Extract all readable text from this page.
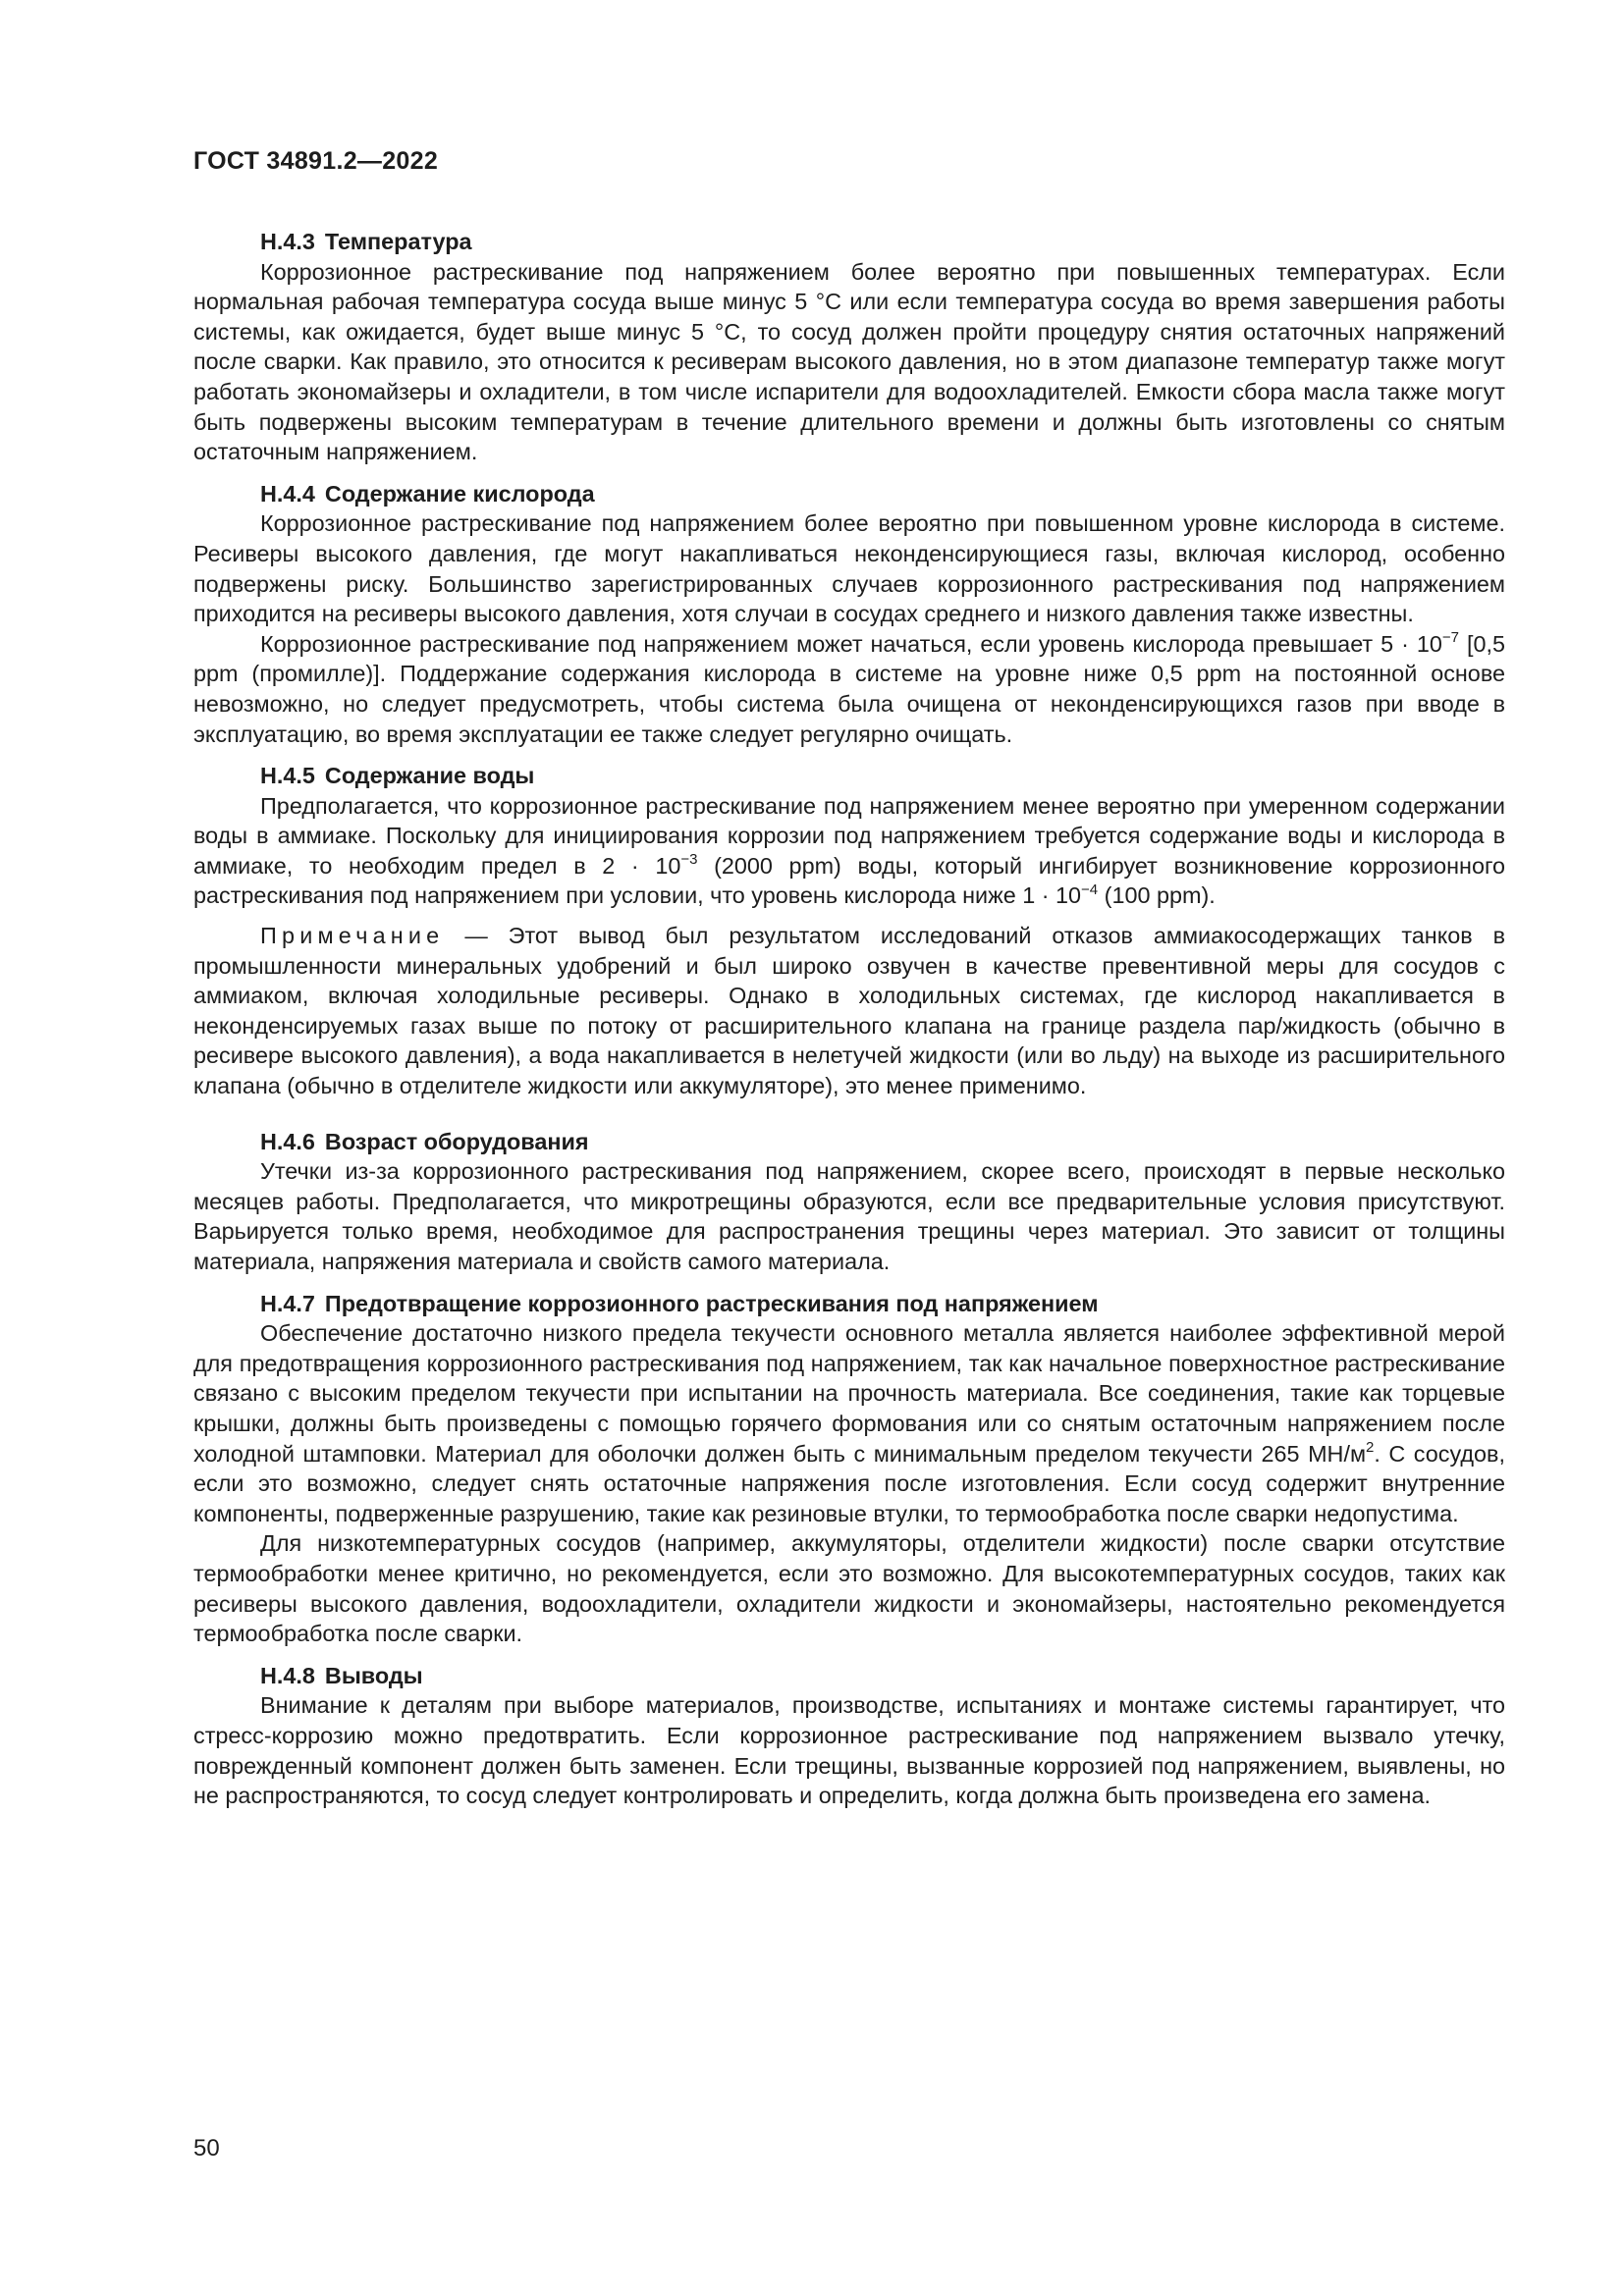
ГОСТ 34891.2—2022
Н.4.3 Температура

Коррозионное растрескивание под напряжением более вероятно при повышенных температурах. Если нормальная рабочая температура сосуда выше минус 5 °С или если температура сосуда во время завершения работы системы, как ожидается, будет выше минус 5 °С, то сосуд должен пройти процедуру снятия остаточных напряжений после сварки. Как правило, это относится к ресиверам высокого давления, но в этом диапазоне температур также могут работать экономайзеры и охладители, в том числе испарители для водоохладителей. Емкости сбора масла также могут быть подвержены высоким температурам в течение длительного времени и должны быть изготовлены со снятым остаточным напряжением.

Н.4.4 Содержание кислорода

Коррозионное растрескивание под напряжением более вероятно при повышенном уровне кислорода в системе. Ресиверы высокого давления, где могут накапливаться неконденсирующиеся газы, включая кислород, особенно подвержены риску. Большинство зарегистрированных случаев коррозионного растрескивания под напряжением приходится на ресиверы высокого давления, хотя случаи в сосудах среднего и низкого давления также известны.

Коррозионное растрескивание под напряжением может начаться, если уровень кислорода превышает $5 \cdot 10^{-7}$ [0,5 ppm (промилле)]. Поддержание содержания кислорода в системе на уровне ниже 0,5 ppm на постоянной основе невозможно, но следует предусмотреть, чтобы система была очищена от неконденсирующихся газов при вводе в эксплуатацию, во время эксплуатации ее также следует регулярно очищать.

Н.4.5 Содержание воды

Предполагается, что коррозионное растрескивание под напряжением менее вероятно при умеренном содержании воды в аммиаке. Поскольку для инициирования коррозии под напряжением требуется содержание воды и кислорода в аммиаке, то необходим предел в $2 \cdot 10^{-3}$ (2000 ppm) воды, который ингибирует возникновение коррозионного растрескивания под напряжением при условии, что уровень кислорода ниже $1 \cdot 10^{-4}$ (100 ppm).

Примечание — Этот вывод был результатом исследований отказов аммиакосодержащих танков в промышленности минеральных удобрений и был широко озвучен в качестве превентивной меры для сосудов с аммиаком, включая холодильные ресиверы. Однако в холодильных системах, где кислород накапливается в неконденсируемых газах выше по потоку от расширительного клапана на границе раздела пар/жидкость (обычно в ресивере высокого давления), а вода накапливается в нелетучей жидкости (или во льду) на выходе из расширительного клапана (обычно в отделителе жидкости или аккумуляторе), это менее применимо.

Н.4.6 Возраст оборудования

Утечки из-за коррозионного растрескивания под напряжением, скорее всего, происходят в первые несколько месяцев работы. Предполагается, что микротрещины образуются, если все предварительные условия присутствуют. Варьируется только время, необходимое для распространения трещины через материал. Это зависит от толщины материала, напряжения материала и свойств самого материала.

Н.4.7 Предотвращение коррозионного растрескивания под напряжением

Обеспечение достаточно низкого предела текучести основного металла является наиболее эффективной мерой для предотвращения коррозионного растрескивания под напряжением, так как начальное поверхностное растрескивание связано с высоким пределом текучести при испытании на прочность материала. Все соединения, такие как торцевые крышки, должны быть произведены с помощью горячего формования или со снятым остаточным напряжением после холодной штамповки. Материал для оболочки должен быть с минимальным пределом текучести 265 $МН/м^2$. С сосудов, если это возможно, следует снять остаточные напряжения после изготовления. Если сосуд содержит внутренние компоненты, подверженные разрушению, такие как резиновые втулки, то термообработка после сварки недопустима.

Для низкотемпературных сосудов (например, аккумуляторы, отделители жидкости) после сварки отсутствие термообработки менее критично, но рекомендуется, если это возможно. Для высокотемпературных сосудов, таких как ресиверы высокого давления, водоохладители, охладители жидкости и экономайзеры, настоятельно рекомендуется термообработка после сварки.

Н.4.8 Выводы

Внимание к деталям при выборе материалов, производстве, испытаниях и монтаже системы гарантирует, что стресс-коррозию можно предотвратить. Если коррозионное растрескивание под напряжением вызвало утечку, поврежденный компонент должен быть заменен. Если трещины, вызванные коррозией под напряжением, выявлены, но не распространяются, то сосуд следует контролировать и определить, когда должна быть произведена его замена.

50
